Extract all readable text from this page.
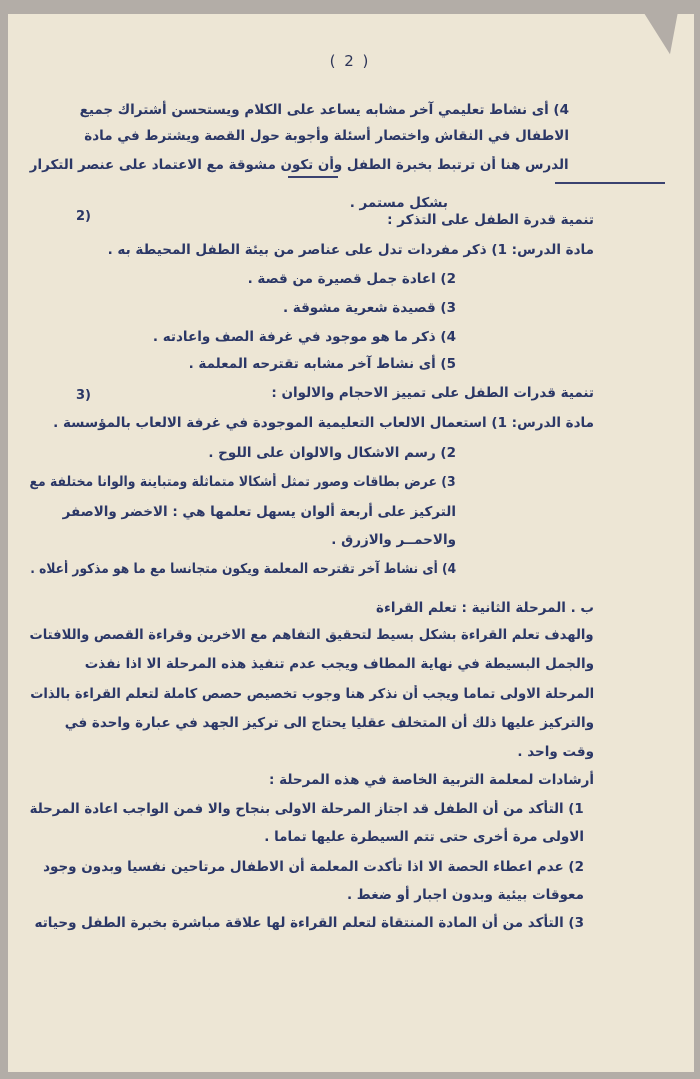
( 2 )
4) أى نشاط تعليمي آخر مشابه يساعد على الكلام ويستحسن أشتراك جميع
الاطفال في النقاش واختصار أسئلة وأجوبة حول القصة ويشترط في مادة
الدرس هنا أن ترتبط بخبرة الطفل وأن تكون مشوقة مع الاعتماد على عنصر التكرار
بشكل مستمر .
2)	تنمية قدرة الطفل على التذكر :
مادة الدرس: 1) ذكر مفردات تدل على عناصر من بيئة الطفل المحيطة به .
2) اعادة جمل قصيرة من قصة .
3) قصيدة شعرية مشوقة .
4) ذكر ما هو موجود في غرفة الصف واعادته .
5) أى نشاط آخر مشابه تقترحه المعلمة .
3)	تنمية قدرات الطفل على تمييز الاحجام والالوان :
مادة الدرس: 1) استعمال الالعاب التعليمية الموجودة في غرفة الالعاب بالمؤسسة .
2) رسم الاشكال والالوان على اللوح .
3) عرض بطاقات وصور تمثل أشكالا متماثلة ومتباينة والوانا مختلفة مع
التركيز على أربعة ألوان يسهل تعلمها هي : الاخضر والاصفر
والاحمــر والازرق .
4) أى نشاط آخر تقترحه المعلمة ويكون متجانسا مع ما هو مذكور أعلاه .
ب . المرحلة الثانية : تعلم القراءة
والهدف تعلم القراءة بشكل بسيط لتحقيق التفاهم مع الاخرين وقراءة القصص واللافتات
والجمل البسيطة في نهاية المطاف ويجب عدم تنفيذ هذه المرحلة الا اذا نفذت
المرحلة الاولى تماما ويجب أن نذكر هنا وجوب تخصيص حصص كاملة لتعلم القراءة بالذات
والتركيز عليها ذلك أن المتخلف عقليا يحتاج الى تركيز الجهد في عبارة واحدة في
وقت واحد .
أرشادات لمعلمة التربية الخاصة في هذه المرحلة :
1) التأكد من أن الطفل قد اجتاز المرحلة الاولى بنجاح والا فمن الواجب اعادة المرحلة
الاولى مرة أخرى حتى تتم السيطرة عليها تماما .
2) عدم اعطاء الحصة الا اذا تأكدت المعلمة أن الاطفال مرتاحين نفسيا وبدون وجود
معوقات بيئية وبدون اجبار أو ضغط .
3) التأكد من أن المادة المنتقاة لتعلم القراءة لها علاقة مباشرة بخبرة الطفل وحياته
